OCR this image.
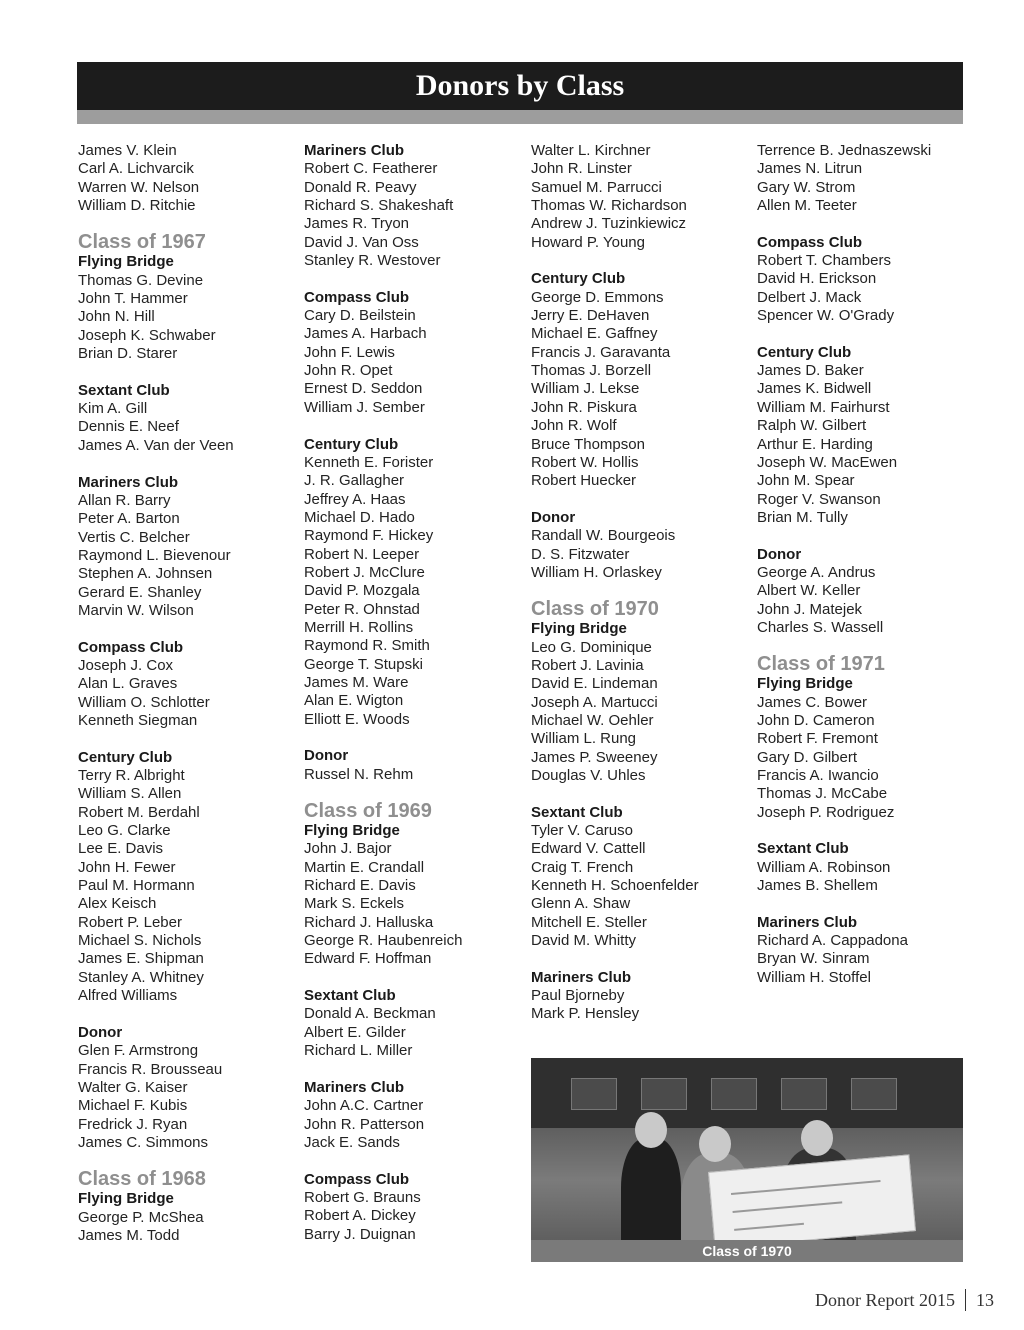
Donors by Class
James V. Klein
Carl A. Lichvarcik
Warren W. Nelson
William D. Ritchie
Class of 1967
Flying Bridge
Thomas G. Devine
John T. Hammer
John N. Hill
Joseph K. Schwaber
Brian D. Starer
Sextant Club
Kim A. Gill
Dennis E. Neef
James A. Van der Veen
Mariners Club
Allan R. Barry
Peter A. Barton
Vertis C. Belcher
Raymond L. Bievenour
Stephen A. Johnsen
Gerard E. Shanley
Marvin W. Wilson
Compass Club
Joseph J. Cox
Alan L. Graves
William O. Schlotter
Kenneth Siegman
Century Club
Terry R. Albright
William S. Allen
Robert M. Berdahl
Leo G. Clarke
Lee E. Davis
John H. Fewer
Paul M. Hormann
Alex Keisch
Robert P. Leber
Michael S. Nichols
James E. Shipman
Stanley A. Whitney
Alfred Williams
Donor
Glen F. Armstrong
Francis R. Brousseau
Walter G. Kaiser
Michael F. Kubis
Fredrick J. Ryan
James C. Simmons
Class of 1968
Flying Bridge
George P. McShea
James M. Todd
Mariners Club
Robert C. Featherer
Donald R. Peavy
Richard S. Shakeshaft
James R. Tryon
David J. Van Oss
Stanley R. Westover
Compass Club
Cary D. Beilstein
James A. Harbach
John F. Lewis
John R. Opet
Ernest D. Seddon
William J. Sember
Century Club
Kenneth E. Forister
J. R. Gallagher
Jeffrey A. Haas
Michael D. Hado
Raymond F. Hickey
Robert N. Leeper
Robert J. McClure
David P. Mozgala
Peter R. Ohnstad
Merrill H. Rollins
Raymond R. Smith
George T. Stupski
James M. Ware
Alan E. Wigton
Elliott E. Woods
Donor
Russel N. Rehm
Class of 1969
Flying Bridge
John J. Bajor
Martin E. Crandall
Richard E. Davis
Mark S. Eckels
Richard J. Halluska
George R. Haubenreich
Edward F. Hoffman
Sextant Club
Donald A. Beckman
Albert E. Gilder
Richard L. Miller
Mariners Club
John A.C. Cartner
John R. Patterson
Jack E. Sands
Compass Club
Robert G. Brauns
Robert A. Dickey
Barry J. Duignan
Walter L. Kirchner
John R. Linster
Samuel M. Parrucci
Thomas W. Richardson
Andrew J. Tuzinkiewicz
Howard P. Young
Century Club
George D. Emmons
Jerry E. DeHaven
Michael E. Gaffney
Francis J. Garavanta
Thomas J. Borzell
William J. Lekse
John R. Piskura
John R. Wolf
Bruce Thompson
Robert W. Hollis
Robert Huecker
Donor
Randall W. Bourgeois
D. S. Fitzwater
William H. Orlaskey
Class of 1970
Flying Bridge
Leo G. Dominique
Robert J. Lavinia
David E. Lindeman
Joseph A. Martucci
Michael W. Oehler
William L. Rung
James P. Sweeney
Douglas V. Uhles
Sextant Club
Tyler V. Caruso
Edward V. Cattell
Craig T. French
Kenneth H. Schoenfelder
Glenn A. Shaw
Mitchell E. Steller
David M. Whitty
Mariners Club
Paul Bjorneby
Mark P. Hensley
Terrence B. Jednaszewski
James N. Litrun
Gary W. Strom
Allen M. Teeter
Compass Club
Robert T. Chambers
David H. Erickson
Delbert J. Mack
Spencer W. O'Grady
Century Club
James D. Baker
James K. Bidwell
William M. Fairhurst
Ralph W. Gilbert
Arthur E. Harding
Joseph W. MacEwen
John M. Spear
Roger V. Swanson
Brian M. Tully
Donor
George A. Andrus
Albert W. Keller
John J. Matejek
Charles S. Wassell
Class of 1971
Flying Bridge
James C. Bower
John D. Cameron
Robert F. Fremont
Gary D. Gilbert
Francis A. Iwancio
Thomas J. McCabe
Joseph P. Rodriguez
Sextant Club
William A. Robinson
James B. Shellem
Mariners Club
Richard A. Cappadona
Bryan W. Sinram
William H. Stoffel
Class of 1970
Donor Report 2015 13
